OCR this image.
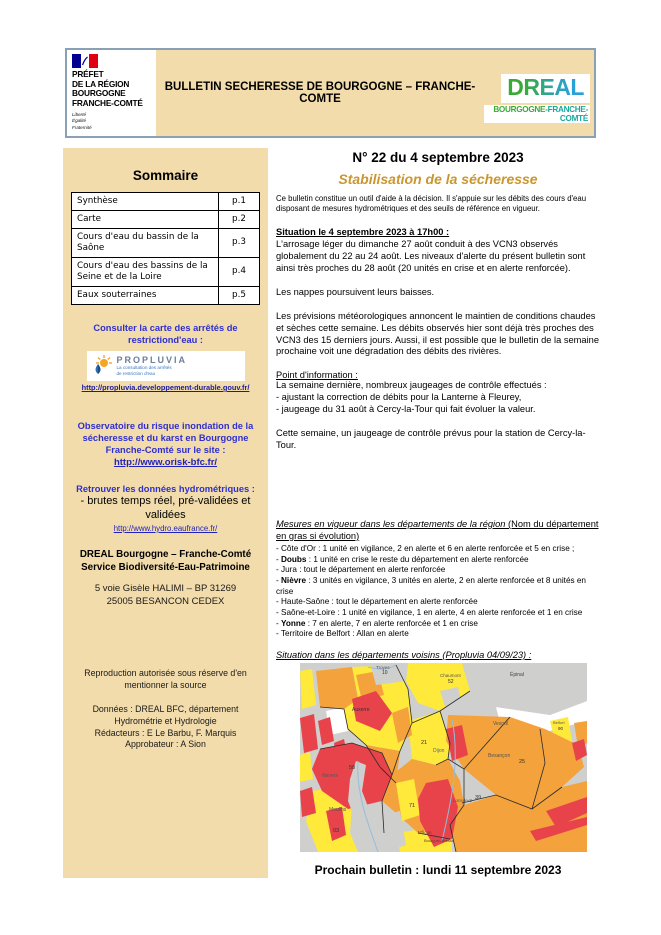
PRÉFET
DE LA RÉGION
BOURGOGNE
FRANCHE-COMTÉ
Liberté
Égalité
Fraternité
BULLETIN SECHERESSE DE BOURGOGNE – FRANCHE-COMTE	DREAL
BOURGOGNE-FRANCHE-COMTÉ
Sommaire
Synthèse	p.1
Carte	p.2
Cours d'eau du bassin de la Saône	p.3
Cours d'eau des bassins de la Seine et de la Loire	p.4
Eaux souterraines	p.5
Consulter la carte des arrêtés de restrictiond'eau :
PROPLUVIA
La consultation des arrêtés
de restriction d'eau
http://propluvia.developpement-durable.gouv.fr/
Observatoire du risque inondation de la sécheresse et du karst en Bourgogne Franche-Comté sur le site :
http://www.orisk-bfc.fr/
Retrouver les données hydrométriques :
- brutes temps réel, pré-validées et validées
http://www.hydro.eaufrance.fr/
DREAL Bourgogne – Franche-Comté
Service Biodiversité-Eau-Patrimoine
5 voie Gisèle HALIMI – BP 31269
25005 BESANCON CEDEX
Reproduction autorisée sous réserve d'en mentionner la source
Données : DREAL BFC, département Hydrométrie et Hydrologie
Rédacteurs : E Le Barbu, F. Marquis
Approbateur : A Sion
N° 22 du 4 septembre 2023
Stabilisation de la sécheresse
Ce bulletin constitue un outil d'aide à la décision. Il s'appuie sur les débits des cours d'eau disposant de mesures hydrométriques et des seuils de référence en vigueur.
Situation le 4 septembre 2023 à 17h00 :
L'arrosage léger du dimanche 27 août conduit à des VCN3 observés globalement du 22 au 24 août. Les niveaux d'alerte du présent bulletin sont ainsi très proches du 28 août (20 unités en crise et en alerte renforcée).
Les nappes poursuivent leurs baisses.
Les prévisions météorologiques annoncent le maintien de conditions chaudes et sèches cette semaine. Les débits observés hier sont déjà très proches des VCN3 des 15 derniers jours. Aussi, il est possible que le bulletin de la semaine prochaine voit une dégradation des débits des rivières.
Point d'information :
La semaine dernière, nombreux jaugeages de contrôle effectués :
- ajustant la correction de débits pour la Lanterne à Fleurey,
- jaugeage du 31 août à Cercy-la-Tour qui fait évoluer la valeur.
Cette semaine, un jaugeage de contrôle prévus pour la station de Cercy-la-Tour.
Mesures en vigueur dans les départements de la région (Nom du département en gras si évolution)
- Côte d'Or : 1 unité en vigilance, 2 en alerte et 6 en alerte renforcée et 5 en crise ;
- Doubs : 1 unité en crise le reste du département en alerte renforcée
- Jura : tout le département en alerte renforcée
- Nièvre : 3 unités en vigilance, 3 unités en alerte, 2 en alerte renforcée et 8 unités en crise
- Haute-Saône : tout le département en alerte renforcée
- Saône-et-Loire : 1 unité en vigilance, 1 en alerte, 4 en alerte renforcée et 1 en crise
- Yonne : 7 en alerte, 7 en alerte renforcée et 1 en crise
- Territoire de Belfort : Allan en alerte
Situation dans les départements voisins (Propluvia 04/09/23) :
Troyes
10	Chaumont
52
Épinal
Auxerre
21
Dijon
Vesoul	Belfort
90
Besançon
25
58
Nevers
Moulins
03
71
Lons-le-S 39
Mâcon
Bourg-en-Bresse
Prochain bulletin : lundi 11 septembre 2023
